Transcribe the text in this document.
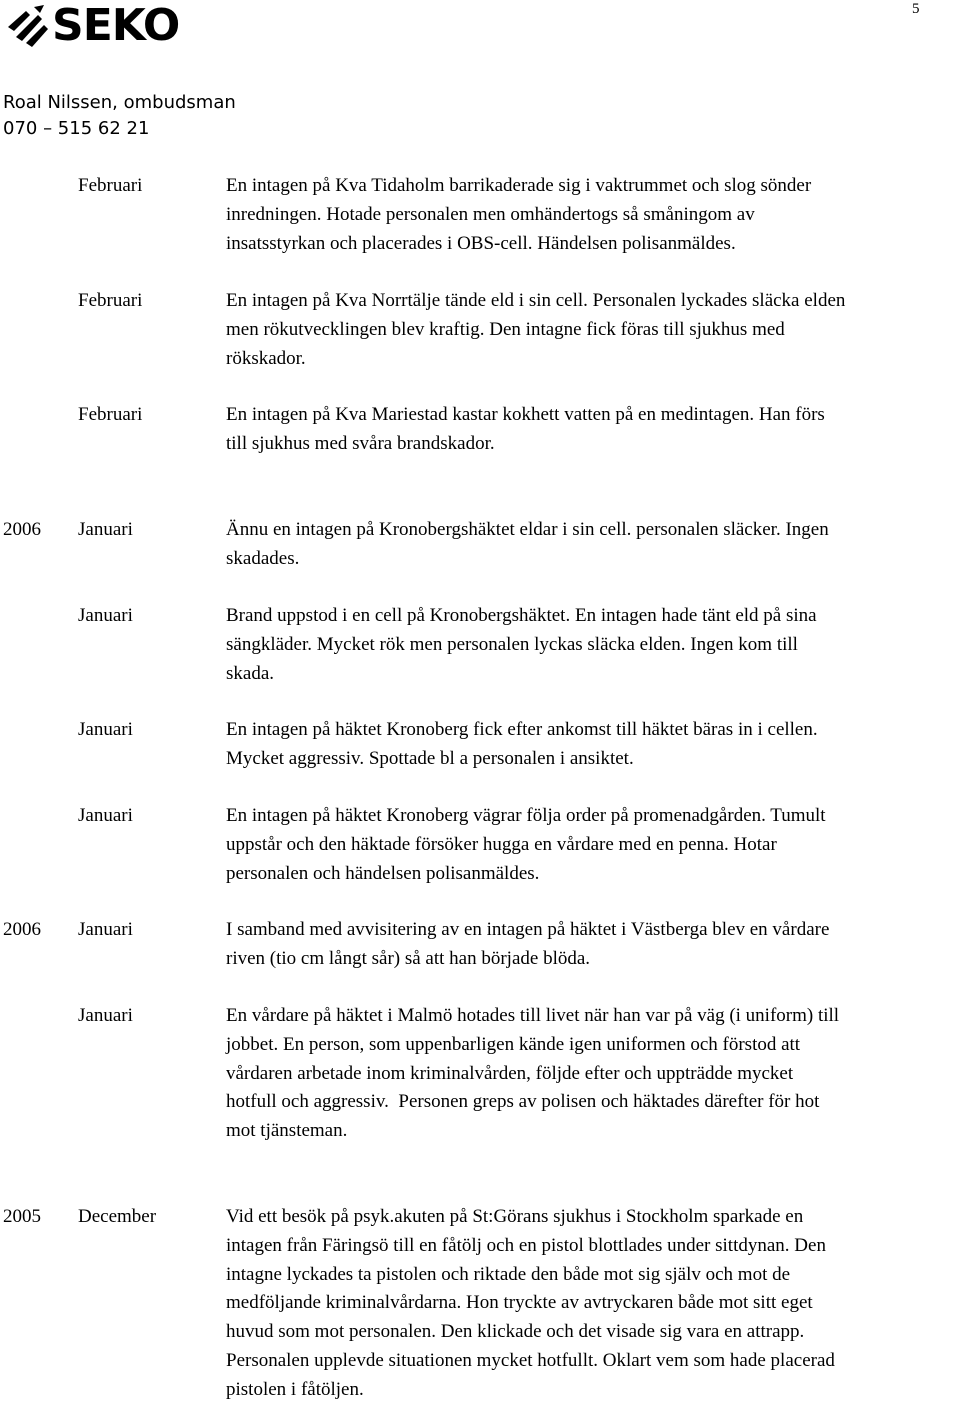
5
SEKO
Roal Nilssen, ombudsman
070 – 515 62 21
Februari	En intagen på Kva Tidaholm barrikaderade sig i vaktrummet och slog sönder
inredningen. Hotade personalen men omhändertogs så småningom av
insatsstyrkan och placerades i OBS-cell. Händelsen polisanmäldes.
Februari	En intagen på Kva Norrtälje tände eld i sin cell. Personalen lyckades släcka elden
men rökutvecklingen blev kraftig. Den intagne fick föras till sjukhus med
rökskador.
Februari	En intagen på Kva Mariestad kastar kokhett vatten på en medintagen. Han förs
till sjukhus med svåra brandskador.
2006 Januari	Ännu en intagen på Kronobergshäktet eldar i sin cell. personalen släcker. Ingen
skadades.
Januari	Brand uppstod i en cell på Kronobergshäktet. En intagen hade tänt eld på sina
sängkläder. Mycket rök men personalen lyckas släcka elden. Ingen kom till
skada.
Januari	En intagen på häktet Kronoberg fick efter ankomst till häktet bäras in i cellen.
Mycket aggressiv. Spottade bl a personalen i ansiktet.
Januari	En intagen på häktet Kronoberg vägrar följa order på promenadgården. Tumult
uppstår och den häktade försöker hugga en vårdare med en penna. Hotar
personalen och händelsen polisanmäldes.
2006 Januari	I samband med avvisitering av en intagen på häktet i Västberga blev en vårdare
riven (tio cm långt sår) så att han började blöda.
Januari	En vårdare på häktet i Malmö hotades till livet när han var på väg (i uniform) till
jobbet. En person, som uppenbarligen kände igen uniformen och förstod att
vårdaren arbetade inom kriminalvården, följde efter och uppträdde mycket
hotfull och aggressiv.  Personen greps av polisen och häktades därefter för hot
mot tjänsteman.
2005 December	Vid ett besök på psyk.akuten på St:Görans sjukhus i Stockholm sparkade en
intagen från Färingsö till en fåtölj och en pistol blottlades under sittdynan. Den
intagne lyckades ta pistolen och riktade den både mot sig själv och mot de
medföljande kriminalvårdarna. Hon tryckte av avtryckaren både mot sitt eget
huvud som mot personalen. Den klickade och det visade sig vara en attrapp.
Personalen upplevde situationen mycket hotfullt. Oklart vem som hade placerad
pistolen i fåtöljen.
